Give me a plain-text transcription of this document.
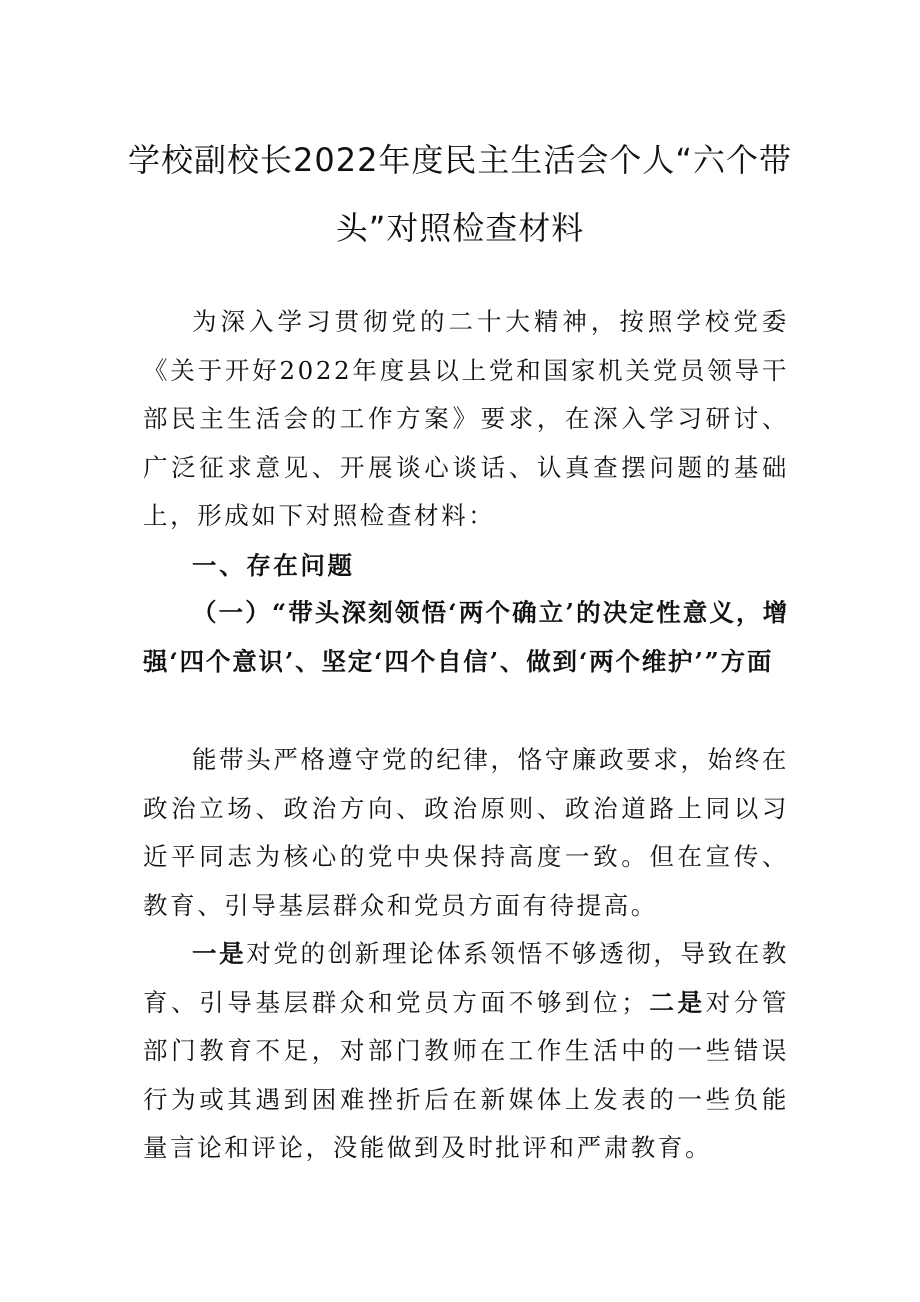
学校副校长2022年度民主生活会个人“六个带头”对照检查材料

为深入学习贯彻党的二十大精神，按照学校党委《关于开好2022年度县以上党和国家机关党员领导干部民主生活会的工作方案》要求，在深入学习研讨、广泛征求意见、开展谈心谈话、认真查摆问题的基础上，形成如下对照检查材料：

一、存在问题

（一）“带头深刻领悟‘两个确立’的决定性意义，增强‘四个意识’、坚定‘四个自信’、做到‘两个维护’”方面

能带头严格遵守党的纪律，恪守廉政要求，始终在政治立场、政治方向、政治原则、政治道路上同以习近平同志为核心的党中央保持高度一致。但在宣传、教育、引导基层群众和党员方面有待提高。

一是对党的创新理论体系领悟不够透彻，导致在教育、引导基层群众和党员方面不够到位；二是对分管部门教育不足，对部门教师在工作生活中的一些错误行为或其遇到困难挫折后在新媒体上发表的一些负能量言论和评论，没能做到及时批评和严肃教育。
